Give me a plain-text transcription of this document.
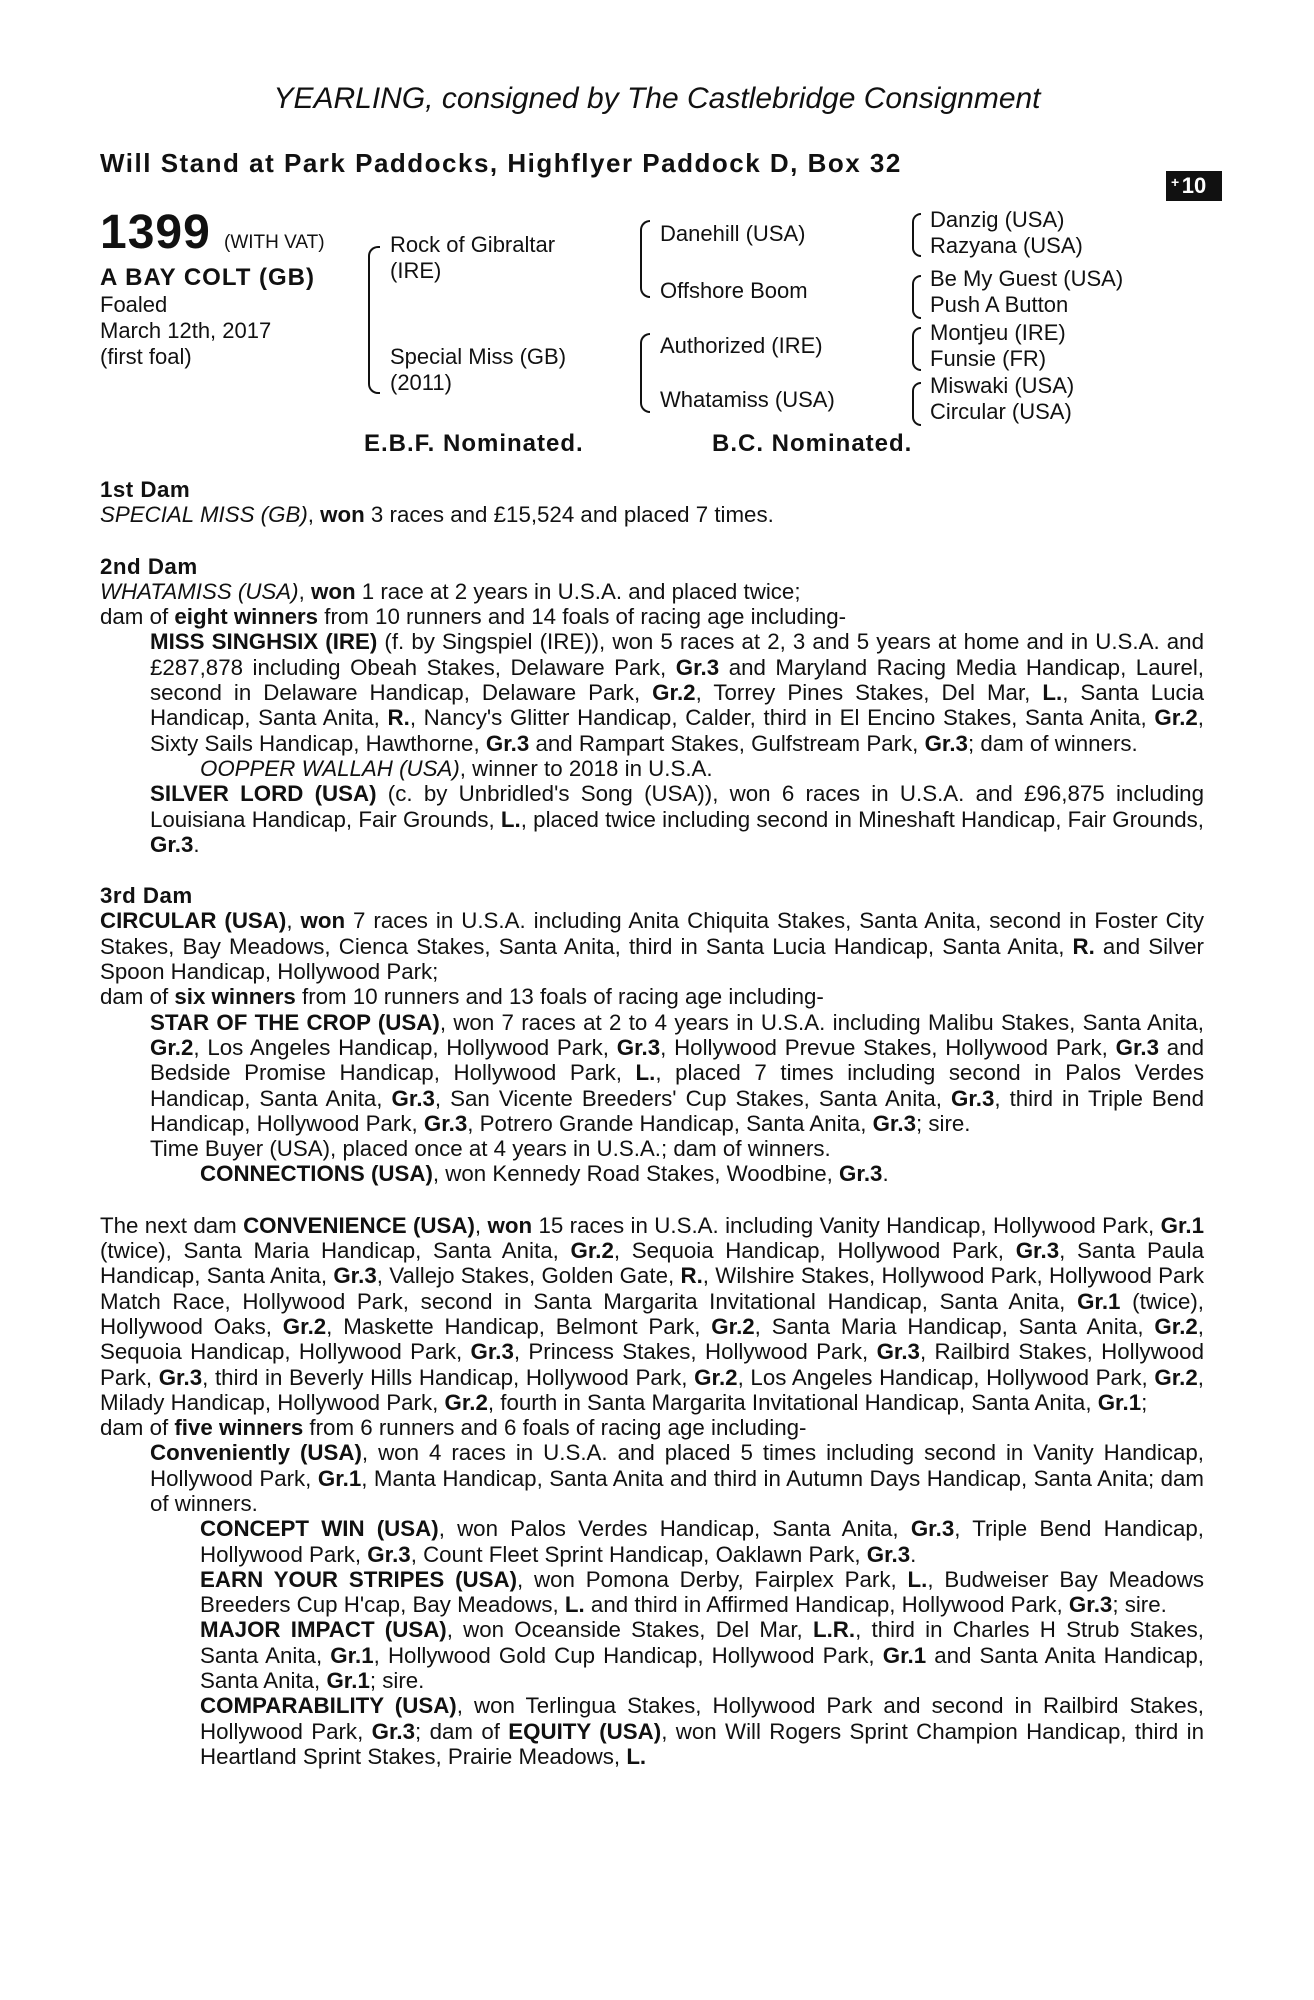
YEARLING, consigned by The Castlebridge Consignment
Will Stand at Park Paddocks, Highflyer Paddock D, Box 32
+ 10
1399 (WITH VAT)
A BAY COLT (GB)
Foaled
March 12th, 2017
(first foal)
Rock of Gibraltar
(IRE)
Special Miss (GB)
(2011)
Danehill (USA)
Offshore Boom
Authorized (IRE)
Whatamiss (USA)
Danzig (USA)
Razyana (USA)
Be My Guest (USA)
Push A Button
Montjeu (IRE)
Funsie (FR)
Miswaki (USA)
Circular (USA)
E.B.F. Nominated.	B.C. Nominated.
1st Dam
SPECIAL MISS (GB), won 3 races and £15,524 and placed 7 times.
2nd Dam
WHATAMISS (USA), won 1 race at 2 years in U.S.A. and placed twice;
dam of eight winners from 10 runners and 14 foals of racing age including-
MISS SINGHSIX (IRE) (f. by Singspiel (IRE)), won 5 races at 2, 3 and 5 years at home and in U.S.A. and £287,878 including Obeah Stakes, Delaware Park, Gr.3 and Maryland Racing Media Handicap, Laurel, second in Delaware Handicap, Delaware Park, Gr.2, Torrey Pines Stakes, Del Mar, L., Santa Lucia Handicap, Santa Anita, R., Nancy's Glitter Handicap, Calder, third in El Encino Stakes, Santa Anita, Gr.2, Sixty Sails Handicap, Hawthorne, Gr.3 and Rampart Stakes, Gulfstream Park, Gr.3; dam of winners.
OOPPER WALLAH (USA), winner to 2018 in U.S.A.
SILVER LORD (USA) (c. by Unbridled's Song (USA)), won 6 races in U.S.A. and £96,875 including Louisiana Handicap, Fair Grounds, L., placed twice including second in Mineshaft Handicap, Fair Grounds, Gr.3.
3rd Dam
CIRCULAR (USA), won 7 races in U.S.A. including Anita Chiquita Stakes, Santa Anita, second in Foster City Stakes, Bay Meadows, Cienca Stakes, Santa Anita, third in Santa Lucia Handicap, Santa Anita, R. and Silver Spoon Handicap, Hollywood Park;
dam of six winners from 10 runners and 13 foals of racing age including-
STAR OF THE CROP (USA), won 7 races at 2 to 4 years in U.S.A. including Malibu Stakes, Santa Anita, Gr.2, Los Angeles Handicap, Hollywood Park, Gr.3, Hollywood Prevue Stakes, Hollywood Park, Gr.3 and Bedside Promise Handicap, Hollywood Park, L., placed 7 times including second in Palos Verdes Handicap, Santa Anita, Gr.3, San Vicente Breeders' Cup Stakes, Santa Anita, Gr.3, third in Triple Bend Handicap, Hollywood Park, Gr.3, Potrero Grande Handicap, Santa Anita, Gr.3; sire.
Time Buyer (USA), placed once at 4 years in U.S.A.; dam of winners.
CONNECTIONS (USA), won Kennedy Road Stakes, Woodbine, Gr.3.
The next dam CONVENIENCE (USA), won 15 races in U.S.A. including Vanity Handicap, Hollywood Park, Gr.1 (twice), Santa Maria Handicap, Santa Anita, Gr.2, Sequoia Handicap, Hollywood Park, Gr.3, Santa Paula Handicap, Santa Anita, Gr.3, Vallejo Stakes, Golden Gate, R., Wilshire Stakes, Hollywood Park, Hollywood Park Match Race, Hollywood Park, second in Santa Margarita Invitational Handicap, Santa Anita, Gr.1 (twice), Hollywood Oaks, Gr.2, Maskette Handicap, Belmont Park, Gr.2, Santa Maria Handicap, Santa Anita, Gr.2, Sequoia Handicap, Hollywood Park, Gr.3, Princess Stakes, Hollywood Park, Gr.3, Railbird Stakes, Hollywood Park, Gr.3, third in Beverly Hills Handicap, Hollywood Park, Gr.2, Los Angeles Handicap, Hollywood Park, Gr.2, Milady Handicap, Hollywood Park, Gr.2, fourth in Santa Margarita Invitational Handicap, Santa Anita, Gr.1;
dam of five winners from 6 runners and 6 foals of racing age including-
Conveniently (USA), won 4 races in U.S.A. and placed 5 times including second in Vanity Handicap, Hollywood Park, Gr.1, Manta Handicap, Santa Anita and third in Autumn Days Handicap, Santa Anita; dam of winners.
CONCEPT WIN (USA), won Palos Verdes Handicap, Santa Anita, Gr.3, Triple Bend Handicap, Hollywood Park, Gr.3, Count Fleet Sprint Handicap, Oaklawn Park, Gr.3.
EARN YOUR STRIPES (USA), won Pomona Derby, Fairplex Park, L., Budweiser Bay Meadows Breeders Cup H'cap, Bay Meadows, L. and third in Affirmed Handicap, Hollywood Park, Gr.3; sire.
MAJOR IMPACT (USA), won Oceanside Stakes, Del Mar, L.R., third in Charles H Strub Stakes, Santa Anita, Gr.1, Hollywood Gold Cup Handicap, Hollywood Park, Gr.1 and Santa Anita Handicap, Santa Anita, Gr.1; sire.
COMPARABILITY (USA), won Terlingua Stakes, Hollywood Park and second in Railbird Stakes, Hollywood Park, Gr.3; dam of EQUITY (USA), won Will Rogers Sprint Champion Handicap, third in Heartland Sprint Stakes, Prairie Meadows, L.
